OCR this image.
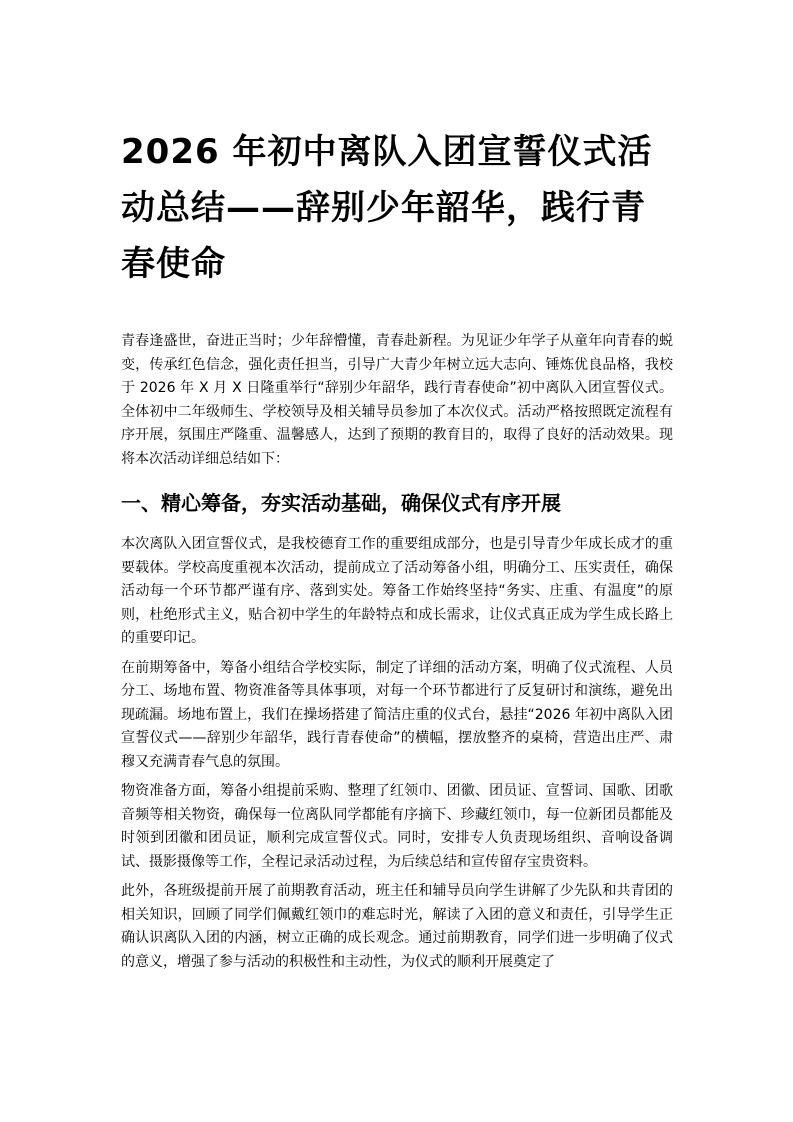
2026 年初中离队入团宣誓仪式活动总结——辞别少年韶华，践行青春使命

青春逢盛世，奋进正当时；少年辞懵懂，青春赴新程。为见证少年学子从童年向青春的蜕变，传承红色信念，强化责任担当，引导广大青少年树立远大志向、锤炼优良品格，我校于 2026 年 X 月 X 日隆重举行“辞别少年韶华，践行青春使命”初中离队入团宣誓仪式。全体初中二年级师生、学校领导及相关辅导员参加了本次仪式。活动严格按照既定流程有序开展，氛围庄严隆重、温馨感人，达到了预期的教育目的，取得了良好的活动效果。现将本次活动详细总结如下：

一、精心筹备，夯实活动基础，确保仪式有序开展

本次离队入团宣誓仪式，是我校德育工作的重要组成部分，也是引导青少年成长成才的重要载体。学校高度重视本次活动，提前成立了活动筹备小组，明确分工、压实责任，确保活动每一个环节都严谨有序、落到实处。筹备工作始终坚持“务实、庄重、有温度”的原则，杜绝形式主义，贴合初中学生的年龄特点和成长需求，让仪式真正成为学生成长路上的重要印记。

在前期筹备中，筹备小组结合学校实际，制定了详细的活动方案，明确了仪式流程、人员分工、场地布置、物资准备等具体事项，对每一个环节都进行了反复研讨和演练，避免出现疏漏。场地布置上，我们在操场搭建了简洁庄重的仪式台，悬挂“2026 年初中离队入团宣誓仪式——辞别少年韶华，践行青春使命”的横幅，摆放整齐的桌椅，营造出庄严、肃穆又充满青春气息的氛围。

物资准备方面，筹备小组提前采购、整理了红领巾、团徽、团员证、宣誓词、国歌、团歌音频等相关物资，确保每一位离队同学都能有序摘下、珍藏红领巾，每一位新团员都能及时领到团徽和团员证，顺利完成宣誓仪式。同时，安排专人负责现场组织、音响设备调试、摄影摄像等工作，全程记录活动过程，为后续总结和宣传留存宝贵资料。

此外，各班级提前开展了前期教育活动，班主任和辅导员向学生讲解了少先队和共青团的相关知识，回顾了同学们佩戴红领巾的难忘时光，解读了入团的意义和责任，引导学生正确认识离队入团的内涵，树立正确的成长观念。通过前期教育，同学们进一步明确了仪式的意义，增强了参与活动的积极性和主动性，为仪式的顺利开展奠定了
